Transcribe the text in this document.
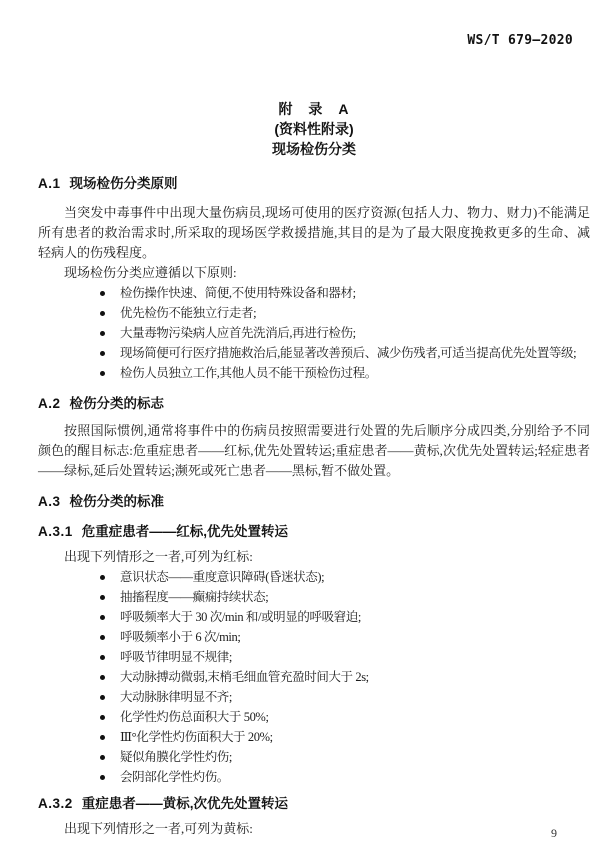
WS/T 679—2020
附　录　A
(资料性附录)
现场检伤分类
A.1 现场检伤分类原则

当突发中毒事件中出现大量伤病员,现场可使用的医疗资源(包括人力、物力、财力)不能满足所有患者的救治需求时,所采取的现场医学救援措施,其目的是为了最大限度挽救更多的生命、减轻病人的伤残程度。

现场检伤分类应遵循以下原则:

检伤操作快速、简便,不使用特殊设备和器材;
优先检伤不能独立行走者;
大量毒物污染病人应首先洗消后,再进行检伤;
现场简便可行医疗措施救治后,能显著改善预后、减少伤残者,可适当提高优先处置等级;
检伤人员独立工作,其他人员不能干预检伤过程。
A.2 检伤分类的标志

按照国际惯例,通常将事件中的伤病员按照需要进行处置的先后顺序分成四类,分别给予不同颜色的醒目标志:危重症患者——红标,优先处置转运;重症患者——黄标,次优先处置转运;轻症患者——绿标,延后处置转运;濒死或死亡患者——黑标,暂不做处置。

A.3 检伤分类的标准
A.3.1 危重症患者——红标,优先处置转运

出现下列情形之一者,可列为红标:

意识状态——重度意识障碍(昏迷状态);
抽搐程度——癫痫持续状态;
呼吸频率大于 30 次/min 和/或明显的呼吸窘迫;
呼吸频率小于 6 次/min;
呼吸节律明显不规律;
大动脉搏动微弱,末梢毛细血管充盈时间大于 2s;
大动脉脉律明显不齐;
化学性灼伤总面积大于 50%;
Ⅲ°化学性灼伤面积大于 20%;
疑似角膜化学性灼伤;
会阴部化学性灼伤。
A.3.2 重症患者——黄标,次优先处置转运

出现下列情形之一者,可列为黄标:	9
